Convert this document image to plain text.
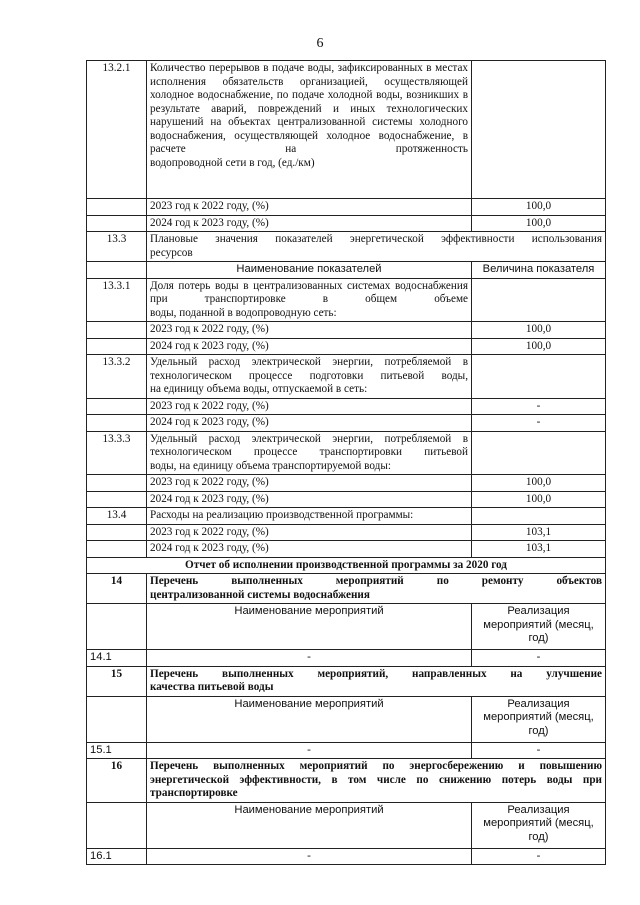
6
13.2.1	Количество перерывов в подаче воды, зафиксированных в местах исполнения обязательств организацией, осуществляющей холодное водоснабжение, по подаче холодной воды, возникших в результате аварий, повреждений и иных технологических нарушений на объектах централизованной системы холодного водоснабжения, осуществляющей холодное водоснабжение, в расчете на протяженность
водопроводной сети в год, (ед./км)	

	2023 год к 2022 году, (%)	100,0
	2024 год к 2023 году, (%)	100,0
13.3	Плановые значения показателей энергетической эффективности использования
ресурсов	

	Наименование показателей	Величина показателя
13.3.1	Доля потерь воды в централизованных системах водоснабжения при транспортировке в общем объеме
воды, поданной в водопроводную сеть:	

	2023 год к 2022 году, (%)	100,0
	2024 год к 2023 году, (%)	100,0
13.3.2	Удельный расход электрической энергии, потребляемой в технологическом процессе подготовки питьевой воды,
на единицу объема воды, отпускаемой в сеть:	

	2023 год к 2022 году, (%)	-
	2024 год к 2023 году, (%)	-
13.3.3	Удельный расход электрической энергии, потребляемой в технологическом процессе транспортировки питьевой
воды, на единицу объема транспортируемой воды:	

	2023 год к 2022 году, (%)	100,0
	2024 год к 2023 году, (%)	100,0
13.4	Расходы на реализацию производственной программы:	
	2023 год к 2022 году, (%)	103,1
	2024 год к 2023 году, (%)	103,1
Отчет об исполнении производственной программы за 2020 год		
14	Перечень выполненных мероприятий по ремонту объектов
централизованной системы водоснабжения	

	Наименование мероприятий	Реализация мероприятий (месяц, год)
14.1	-	-
15	Перечень выполненных мероприятий, направленных на улучшение
качества питьевой воды	

	Наименование мероприятий	Реализация мероприятий (месяц, год)
15.1	-	-
16	Перечень выполненных мероприятий по энергосбережению и повышению энергетической эффективности, в том числе по снижению потерь воды при
транспортировке	

	Наименование мероприятий	Реализация мероприятий (месяц, год)
16.1	-	-
